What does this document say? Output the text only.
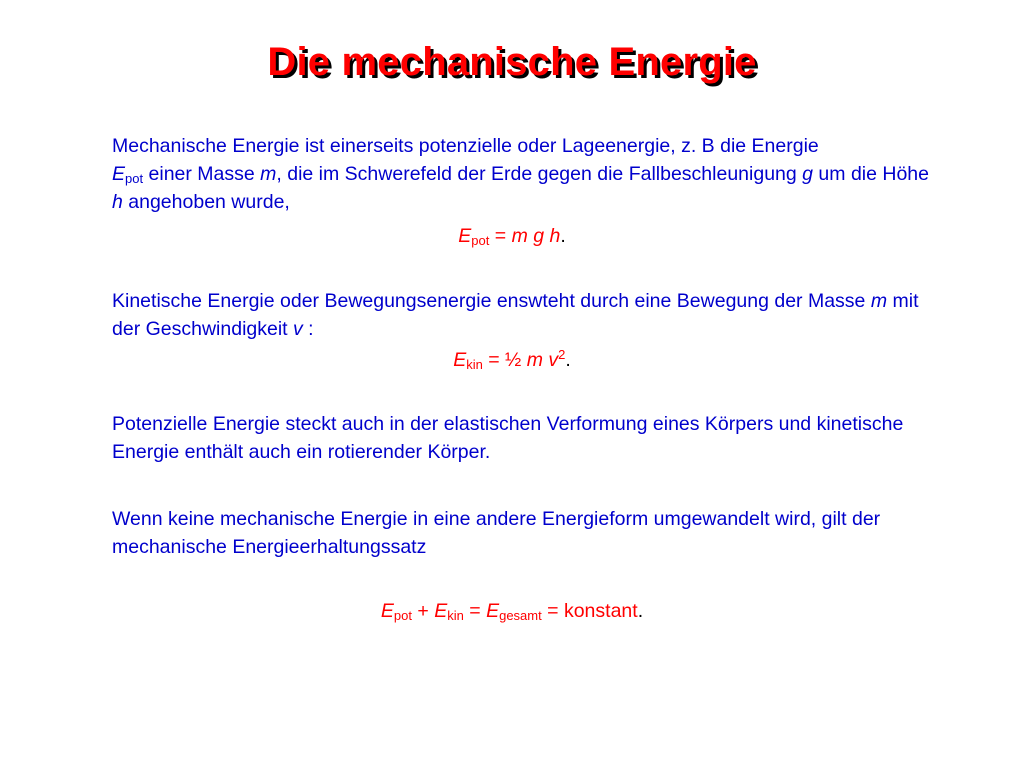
Die mechanische Energie
Mechanische Energie ist einerseits potenzielle oder Lageenergie, z. B die Energie
$E_{pot}$ einer Masse m, die im Schwerefeld der Erde gegen die Fallbeschleunigung g um die Höhe h angehoben wurde,
$E_{pot} = m$ g h.
Kinetische Energie oder Bewegungsenergie enswteht durch eine Bewegung der Masse m mit der Geschwindigkeit v :
$E_{kin}$ = ½ m $v^2$.
Potenzielle Energie steckt auch in der elastischen Verformung eines Körpers und kinetische Energie enthält auch ein rotierender Körper.
Wenn keine mechanische Energie in eine andere Energieform umgewandelt wird, gilt der mechanische Energieerhaltungssatz
$E_{pot} + E_{kin} = E_{gesamt}$ = konstant.
